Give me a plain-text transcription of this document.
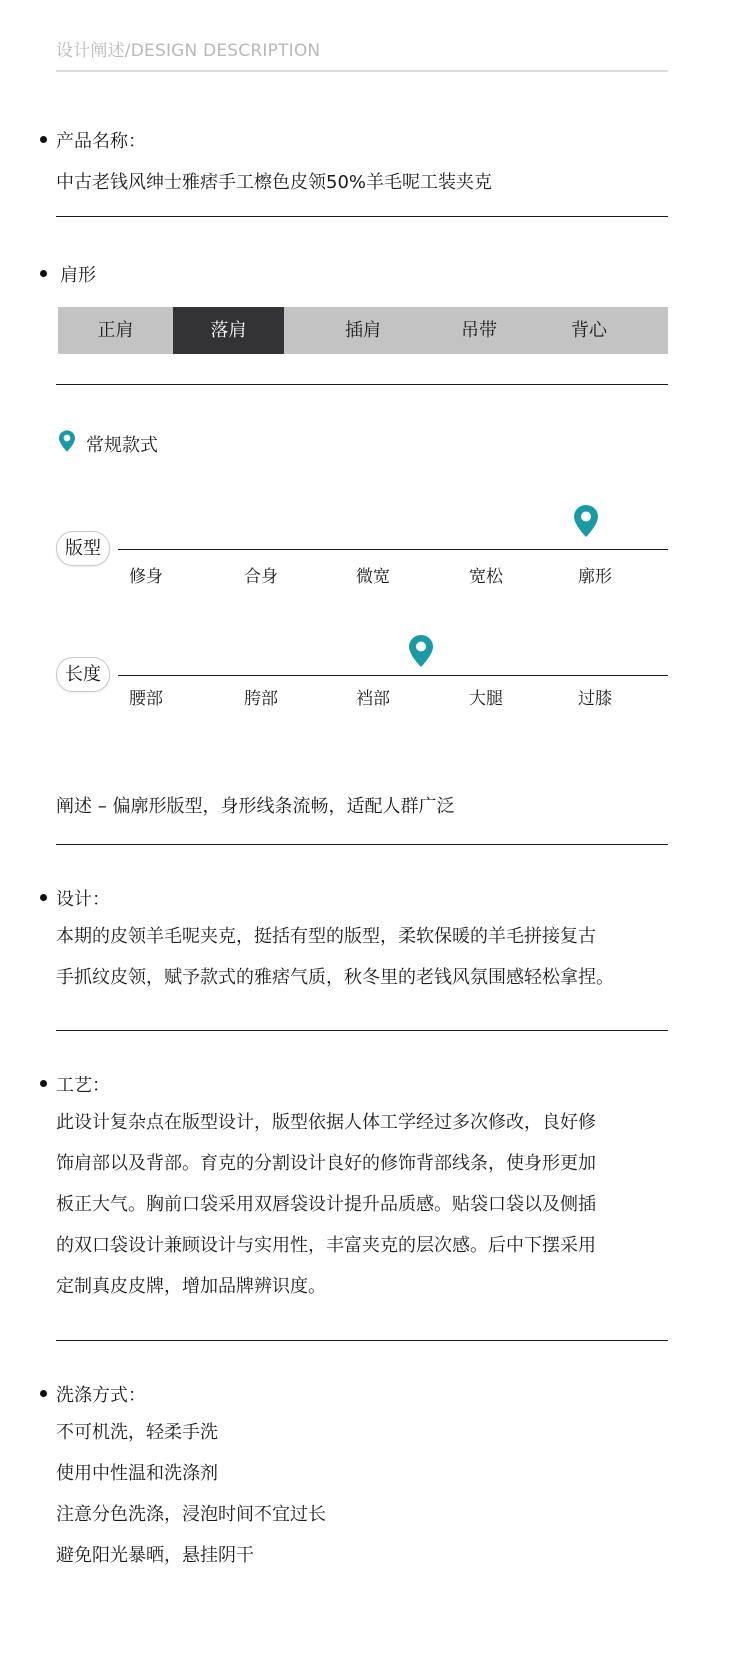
设计阐述/DESIGN DESCRIPTION
产品名称：
中古老钱风绅士雅痞手工檫色皮领50%羊毛呢工装夹克
肩形
正肩	落肩	插肩	吊带	背心
常规款式
版型
修身	合身	微宽	宽松	廓形
长度
腰部	胯部	裆部	大腿	过膝
阐述 – 偏廓形版型，身形线条流畅，适配人群广泛
设计：
本期的皮领羊毛呢夹克，挺括有型的版型，柔软保暖的羊毛拼接复古
手抓纹皮领，赋予款式的雅痞气质，秋冬里的老钱风氛围感轻松拿捏。
工艺：
此设计复杂点在版型设计，版型依据人体工学经过多次修改，良好修
饰肩部以及背部。育克的分割设计良好的修饰背部线条，使身形更加
板正大气。胸前口袋采用双唇袋设计提升品质感。贴袋口袋以及侧插
的双口袋设计兼顾设计与实用性，丰富夹克的层次感。后中下摆采用
定制真皮皮牌，增加品牌辨识度。
洗涤方式：
不可机洗，轻柔手洗
使用中性温和洗涤剂
注意分色洗涤，浸泡时间不宜过长
避免阳光暴晒，悬挂阴干
